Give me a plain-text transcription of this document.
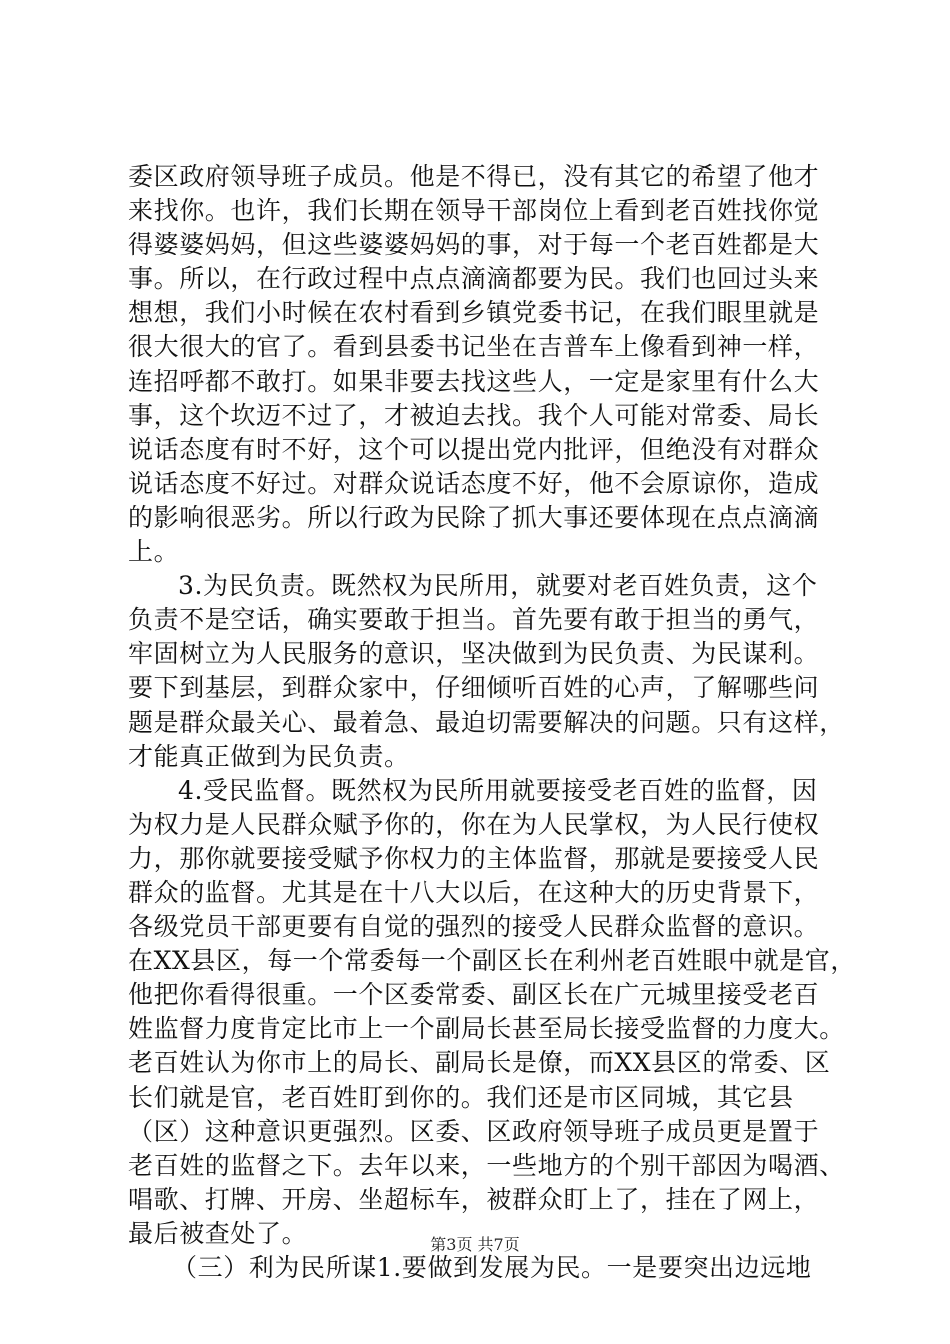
委区政府领导班子成员。他是不得已，没有其它的希望了他才
来找你。也许，我们长期在领导干部岗位上看到老百姓找你觉
得婆婆妈妈，但这些婆婆妈妈的事，对于每一个老百姓都是大
事。所以，在行政过程中点点滴滴都要为民。我们也回过头来
想想，我们小时候在农村看到乡镇党委书记，在我们眼里就是
很大很大的官了。看到县委书记坐在吉普车上像看到神一样，
连招呼都不敢打。如果非要去找这些人，一定是家里有什么大
事，这个坎迈不过了，才被迫去找。我个人可能对常委、局长
说话态度有时不好，这个可以提出党内批评，但绝没有对群众
说话态度不好过。对群众说话态度不好，他不会原谅你，造成
的影响很恶劣。所以行政为民除了抓大事还要体现在点点滴滴
上。
3.为民负责。既然权为民所用，就要对老百姓负责，这个
负责不是空话，确实要敢于担当。首先要有敢于担当的勇气，
牢固树立为人民服务的意识，坚决做到为民负责、为民谋利。
要下到基层，到群众家中，仔细倾听百姓的心声，了解哪些问
题是群众最关心、最着急、最迫切需要解决的问题。只有这样，
才能真正做到为民负责。
4.受民监督。既然权为民所用就要接受老百姓的监督，因
为权力是人民群众赋予你的，你在为人民掌权，为人民行使权
力，那你就要接受赋予你权力的主体监督，那就是要接受人民
群众的监督。尤其是在十八大以后，在这种大的历史背景下，
各级党员干部更要有自觉的强烈的接受人民群众监督的意识。
在XX县区，每一个常委每一个副区长在利州老百姓眼中就是官，
他把你看得很重。一个区委常委、副区长在广元城里接受老百
姓监督力度肯定比市上一个副局长甚至局长接受监督的力度大。
老百姓认为你市上的局长、副局长是僚，而XX县区的常委、区
长们就是官，老百姓盯到你的。我们还是市区同城，其它县
（区）这种意识更强烈。区委、区政府领导班子成员更是置于
老百姓的监督之下。去年以来，一些地方的个别干部因为喝酒、
唱歌、打牌、开房、坐超标车，被群众盯上了，挂在了网上，
最后被查处了。
（三）利为民所谋1.要做到发展为民。一是要突出边远地
第3页 共7页
